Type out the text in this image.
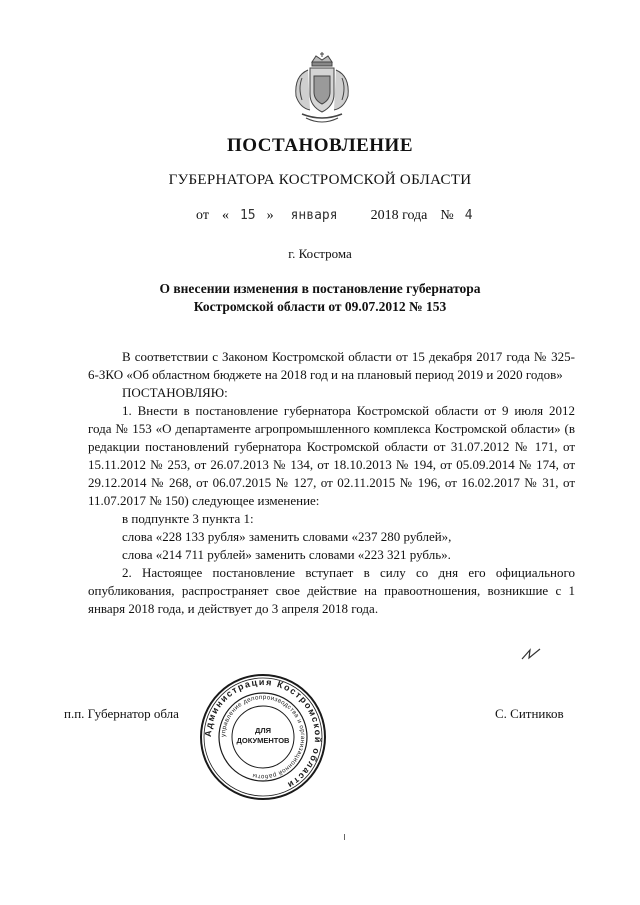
ПОСТАНОВЛЕНИЕ
ГУБЕРНАТОРА КОСТРОМСКОЙ ОБЛАСТИ
от « 15 » января 2018 года № 4
г. Кострома
О внесении изменения в постановление губернатора
Костромской области от 09.07.2012 № 153

В соответствии с Законом Костромской области от 15 декабря 2017 года № 325-6-ЗКО «Об областном бюджете на 2018 год и на плановый период 2019 и 2020 годов»

ПОСТАНОВЛЯЮ:

1. Внести в постановление губернатора Костромской области от 9 июля 2012 года № 153 «О департаменте агропромышленного комплекса Костромской области» (в редакции постановлений губернатора Костромской области от 31.07.2012 № 171, от 15.11.2012 № 253, от 26.07.2013 № 134, от 18.10.2013 № 194, от 05.09.2014 № 174, от 29.12.2014 № 268, от 06.07.2015 № 127, от 02.11.2015 № 196, от 16.02.2017 № 31, от 11.07.2017 № 150) следующее изменение:

в подпункте 3 пункта 1:

слова «228 133 рубля» заменить словами «237 280 рублей»,

слова «214 711 рублей» заменить словами «223 321 рубль».

2. Настоящее постановление вступает в силу со дня его официального опубликования, распространяет свое действие на правоотношения, возникшие с 1 января 2018 года, и действует до 3 апреля 2018 года.

п.п. Губернатор обла	С. Ситников
Администрация Костромской области
управление делопроизводства и организационной работы
ДЛЯ
ДОКУМЕНТОВ
